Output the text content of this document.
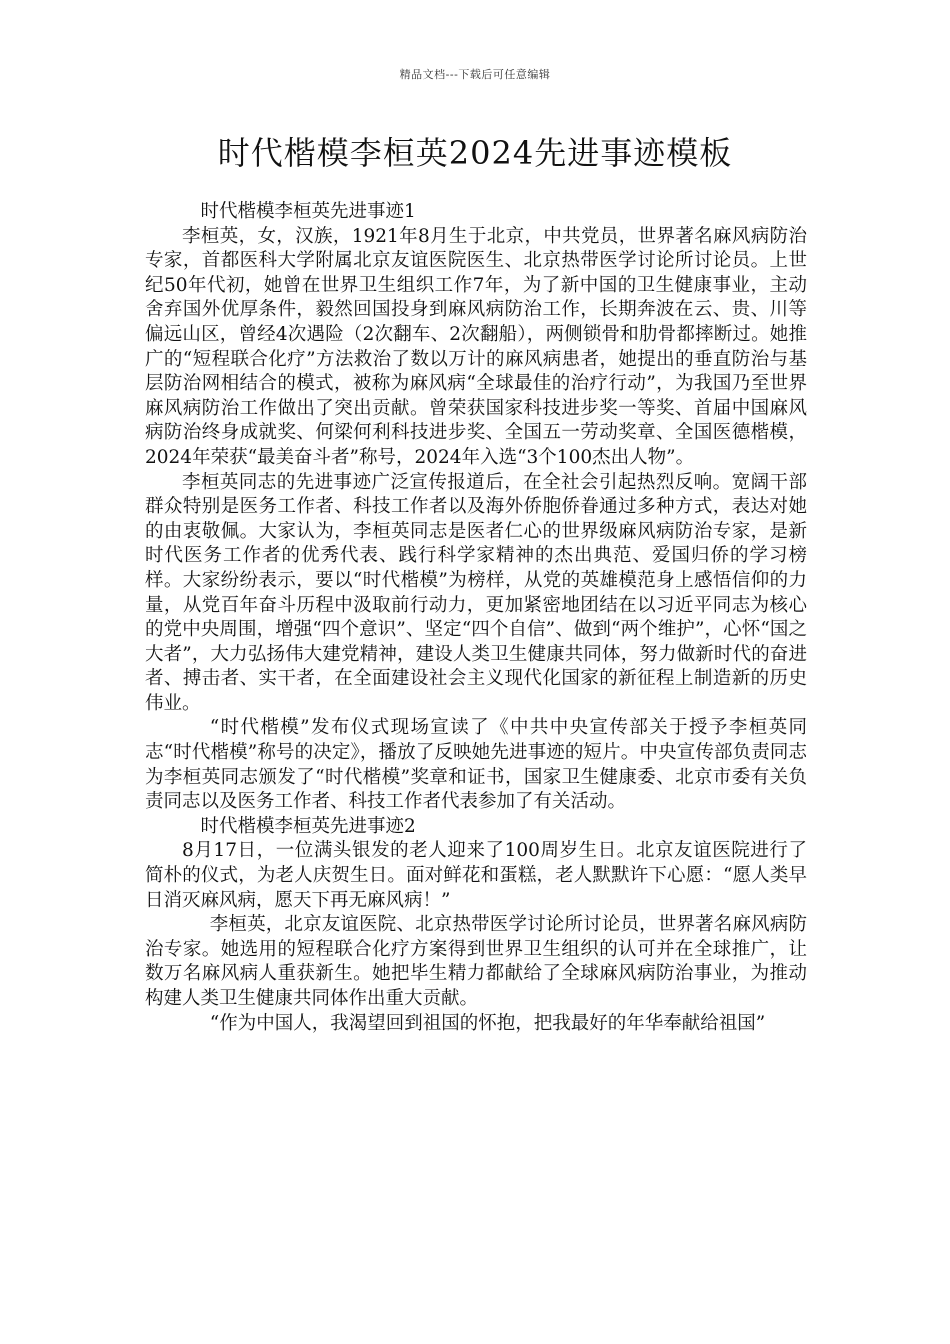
精品文档---下载后可任意编辑
时代楷模李桓英2024先进事迹模板

时代楷模李桓英先进事迹1

李桓英，女，汉族，1921年8月生于北京，中共党员，世界著名麻风病防治专家，首都医科大学附属北京友谊医院医生、北京热带医学讨论所讨论员。上世纪50年代初，她曾在世界卫生组织工作7年，为了新中国的卫生健康事业，主动舍弃国外优厚条件，毅然回国投身到麻风病防治工作，长期奔波在云、贵、川等偏远山区，曾经4次遇险（2次翻车、2次翻船），两侧锁骨和肋骨都摔断过。她推广的“短程联合化疗”方法救治了数以万计的麻风病患者，她提出的垂直防治与基层防治网相结合的模式，被称为麻风病“全球最佳的治疗行动”，为我国乃至世界麻风病防治工作做出了突出贡献。曾荣获国家科技进步奖一等奖、首届中国麻风病防治终身成就奖、何梁何利科技进步奖、全国五一劳动奖章、全国医德楷模，2024年荣获“最美奋斗者”称号，2024年入选“3个100杰出人物”。

李桓英同志的先进事迹广泛宣传报道后，在全社会引起热烈反响。宽阔干部群众特别是医务工作者、科技工作者以及海外侨胞侨眷通过多种方式，表达对她的由衷敬佩。大家认为，李桓英同志是医者仁心的世界级麻风病防治专家，是新时代医务工作者的优秀代表、践行科学家精神的杰出典范、爱国归侨的学习榜样。大家纷纷表示，要以“时代楷模”为榜样，从党的英雄模范身上感悟信仰的力量，从党百年奋斗历程中汲取前行动力，更加紧密地团结在以习近平同志为核心的党中央周围，增强“四个意识”、坚定“四个自信”、做到“两个维护”，心怀“国之大者”，大力弘扬伟大建党精神，建设人类卫生健康共同体，努力做新时代的奋进者、搏击者、实干者，在全面建设社会主义现代化国家的新征程上制造新的历史伟业。

“时代楷模”发布仪式现场宣读了《中共中央宣传部关于授予李桓英同志“时代楷模”称号的决定》，播放了反映她先进事迹的短片。中央宣传部负责同志为李桓英同志颁发了“时代楷模”奖章和证书，国家卫生健康委、北京市委有关负责同志以及医务工作者、科技工作者代表参加了有关活动。

时代楷模李桓英先进事迹2

8月17日，一位满头银发的老人迎来了100周岁生日。北京友谊医院进行了简朴的仪式，为老人庆贺生日。面对鲜花和蛋糕，老人默默许下心愿：“愿人类早日消灭麻风病，愿天下再无麻风病！”

李桓英，北京友谊医院、北京热带医学讨论所讨论员，世界著名麻风病防治专家。她选用的短程联合化疗方案得到世界卫生组织的认可并在全球推广，让数万名麻风病人重获新生。她把毕生精力都献给了全球麻风病防治事业，为推动构建人类卫生健康共同体作出重大贡献。

“作为中国人，我渴望回到祖国的怀抱，把我最好的年华奉献给祖国”
